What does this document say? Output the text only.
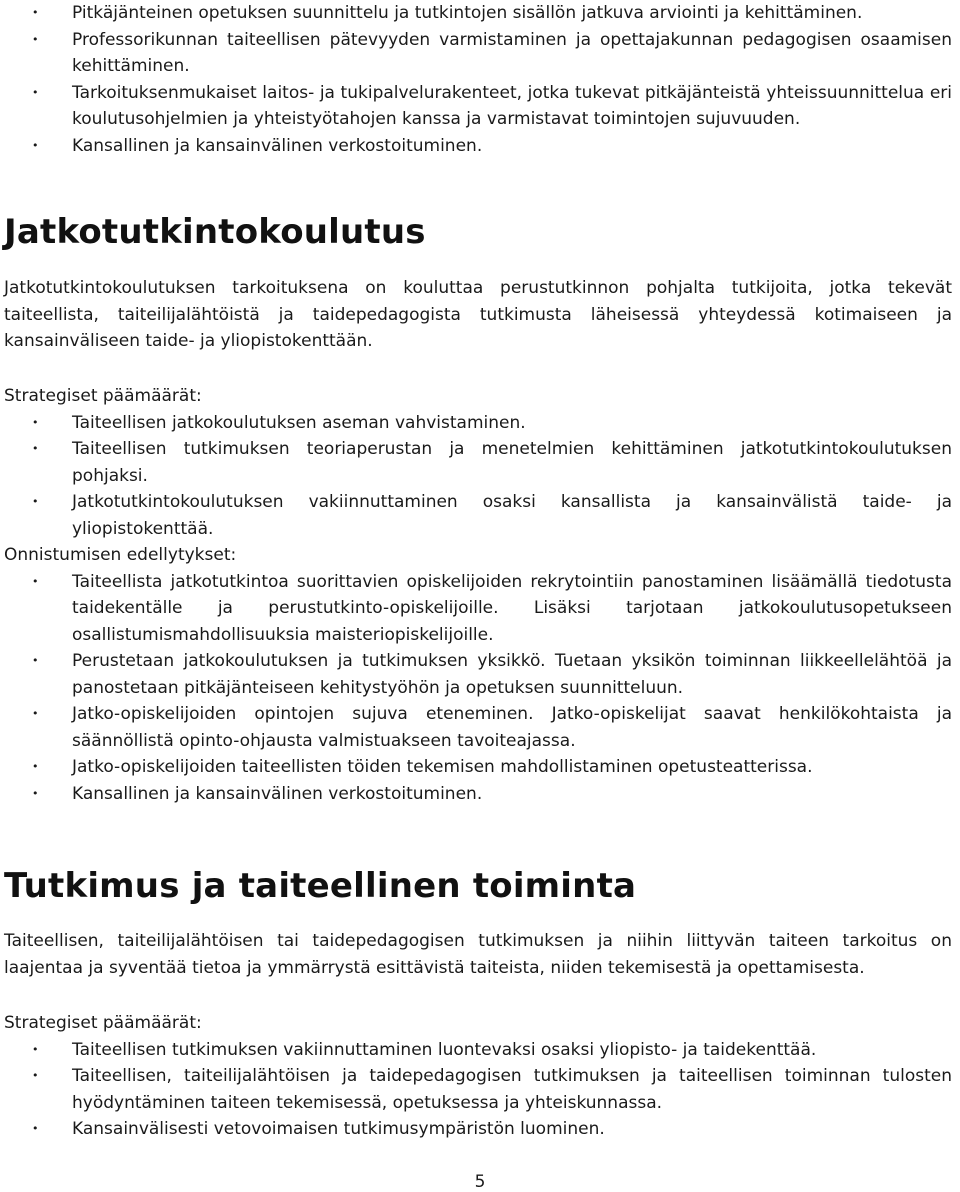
• Pitkäjänteinen opetuksen suunnittelu ja tutkintojen sisällön jatkuva arviointi ja kehittäminen.
• Professorikunnan taiteellisen pätevyyden varmistaminen ja opettajakunnan pedagogisen osaamisen kehittäminen.
• Tarkoituksenmukaiset laitos- ja tukipalvelurakenteet, jotka tukevat pitkäjänteistä yhteissuunnittelua eri koulutusohjelmien ja yhteistyötahojen kanssa ja varmistavat toimintojen sujuvuuden.
• Kansallinen ja kansainvälinen verkostoituminen.
Jatkotutkintokoulutus

Jatkotutkintokoulutuksen tarkoituksena on kouluttaa perustutkinnon pohjalta tutkijoita, jotka tekevät taiteellista, taiteilijalähtöistä ja taidepedagogista tutkimusta läheisessä yhteydessä kotimaiseen ja kansainväliseen taide- ja yliopistokenttään.

Strategiset päämäärät:
• Taiteellisen jatkokoulutuksen aseman vahvistaminen.
• Taiteellisen tutkimuksen teoriaperustan ja menetelmien kehittäminen jatkotutkintokoulutuksen pohjaksi.
• Jatkotutkintokoulutuksen vakiinnuttaminen osaksi kansallista ja kansainvälistä taide- ja yliopistokenttää.
Onnistumisen edellytykset:
• Taiteellista jatkotutkintoa suorittavien opiskelijoiden rekrytointiin panostaminen lisäämällä tiedotusta taidekentälle ja perustutkinto-opiskelijoille. Lisäksi tarjotaan jatkokoulutusopetukseen osallistumismahdollisuuksia maisteriopiskelijoille.
• Perustetaan jatkokoulutuksen ja tutkimuksen yksikkö. Tuetaan yksikön toiminnan liikkeellelähtöä ja panostetaan pitkäjänteiseen kehitystyöhön ja opetuksen suunnitteluun.
• Jatko-opiskelijoiden opintojen sujuva eteneminen. Jatko-opiskelijat saavat henkilökohtaista ja säännöllistä opinto-ohjausta valmistuakseen tavoiteajassa.
• Jatko-opiskelijoiden taiteellisten töiden tekemisen mahdollistaminen opetusteatterissa.
• Kansallinen ja kansainvälinen verkostoituminen.
Tutkimus ja taiteellinen toiminta

Taiteellisen, taiteilijalähtöisen tai taidepedagogisen tutkimuksen ja niihin liittyvän taiteen tarkoitus on laajentaa ja syventää tietoa ja ymmärrystä esittävistä taiteista, niiden tekemisestä ja opettamisesta.

Strategiset päämäärät:
• Taiteellisen tutkimuksen vakiinnuttaminen luontevaksi osaksi yliopisto- ja taidekenttää.
• Taiteellisen, taiteilijalähtöisen ja taidepedagogisen tutkimuksen ja taiteellisen toiminnan tulosten hyödyntäminen taiteen tekemisessä, opetuksessa ja yhteiskunnassa.
• Kansainvälisesti vetovoimaisen tutkimusympäristön luominen.
5
